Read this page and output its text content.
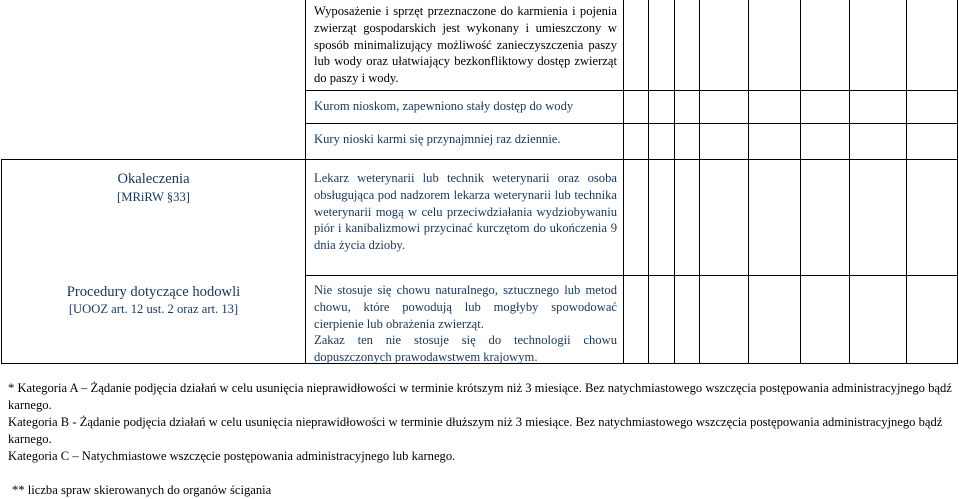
Wyposażenie i sprzęt przeznaczone do karmienia i pojenia zwierząt gospodarskich jest wykonany i umieszczony w sposób minimalizujący możliwość zanieczyszczenia paszy lub wody oraz ułatwiający bezkonfliktowy dostęp zwierząt do paszy i wody.
Kurom nioskom, zapewniono stały dostęp do wody
Kury nioski karmi się przynajmniej raz dziennie.
Okaleczenia
[MRiRW §33]
Lekarz weterynarii lub technik weterynarii oraz osoba obsługująca pod nadzorem lekarza weterynarii lub technika weterynarii mogą w celu przeciwdziałania wydziobywaniu piór i kanibalizmowi przycinać kurczętom do ukończenia 9 dnia życia dzioby.
Procedury dotyczące hodowli
[UOOZ art. 12 ust. 2 oraz art. 13]
Nie stosuje się chowu naturalnego, sztucznego lub metod chowu, które powodują lub mogłyby spowodować cierpienie lub obrażenia zwierząt.
Zakaz ten nie stosuje się do technologii chowu dopuszczonych prawodawstwem krajowym.
* Kategoria A – Żądanie podjęcia działań w celu usunięcia nieprawidłowości w terminie krótszym niż 3 miesiące. Bez natychmiastowego wszczęcia postępowania administracyjnego bądź karnego.
Kategoria B - Żądanie podjęcia działań w celu usunięcia nieprawidłowości w terminie dłuższym niż 3 miesiące. Bez natychmiastowego wszczęcia postępowania administracyjnego bądź karnego.
Kategoria C – Natychmiastowe wszczęcie postępowania administracyjnego lub karnego.
** liczba spraw skierowanych do organów ścigania
